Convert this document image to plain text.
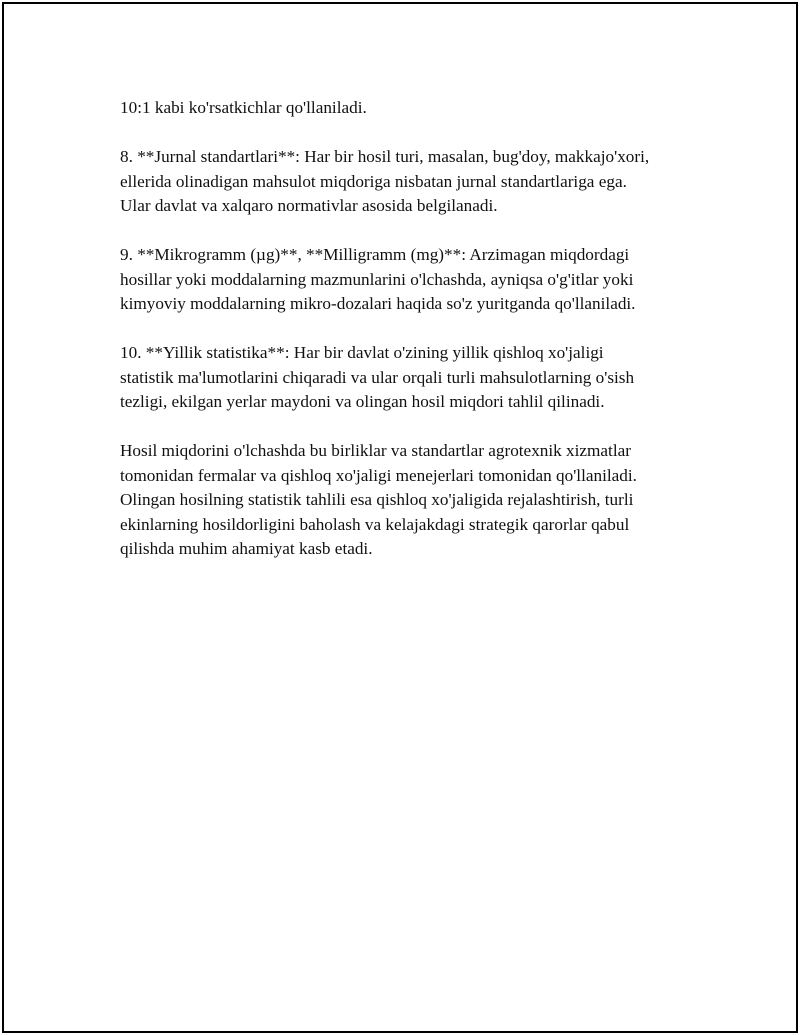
10:1 kabi ko'rsatkichlar qo'llaniladi.

8. **Jurnal standartlari**: Har bir hosil turi, masalan, bug'doy, makkajo'xori,
ellerida olinadigan mahsulot miqdoriga nisbatan jurnal standartlariga ega.
Ular davlat va xalqaro normativlar asosida belgilanadi.

9. **Mikrogramm (µg)**, **Milligramm (mg)**: Arzimagan miqdordagi
hosillar yoki moddalarning mazmunlarini o'lchashda, ayniqsa o'g'itlar yoki
kimyoviy moddalarning mikro-dozalari haqida so'z yuritganda qo'llaniladi.

10. **Yillik statistika**: Har bir davlat o'zining yillik qishloq xo'jaligi
statistik ma'lumotlarini chiqaradi va ular orqali turli mahsulotlarning o'sish
tezligi, ekilgan yerlar maydoni va olingan hosil miqdori tahlil qilinadi.

Hosil miqdorini o'lchashda bu birliklar va standartlar agrotexnik xizmatlar
tomonidan fermalar va qishloq xo'jaligi menejerlari tomonidan qo'llaniladi.
Olingan hosilning statistik tahlili esa qishloq xo'jaligida rejalashtirish, turli
ekinlarning hosildorligini baholash va kelajakdagi strategik qarorlar qabul
qilishda muhim ahamiyat kasb etadi.
